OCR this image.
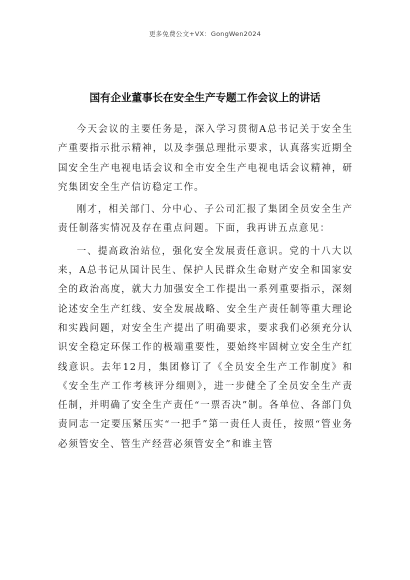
更多免费公文+VX：GongWen2024
国有企业董事长在安全生产专题工作会议上的讲话

今天会议的主要任务是，深入学习贯彻A总书记关于安全生产重要指示批示精神，以及李强总理批示要求，认真落实近期全国安全生产电视电话会议和全市安全生产电视电话会议精神，研究集团安全生产信访稳定工作。

刚才，相关部门、分中心、子公司汇报了集团全员安全生产责任制落实情况及存在重点问题。下面，我再讲五点意见：

一、提高政治站位，强化安全发展责任意识。党的十八大以来，A总书记从国计民生、保护人民群众生命财产安全和国家安全的政治高度，就大力加强安全工作提出一系列重要指示，深刻论述安全生产红线、安全发展战略、安全生产责任制等重大理论和实践问题，对安全生产提出了明确要求，要求我们必须充分认识安全稳定环保工作的极端重要性，要始终牢固树立安全生产红线意识。去年12月，集团修订了《全员安全生产工作制度》和《安全生产工作考核评分细则》，进一步健全了全员安全生产责任制，并明确了安全生产责任“一票否决”制。各单位、各部门负责同志一定要压紧压实“一把手”第一责任人责任，按照“管业务必须管安全、管生产经营必须管安全”和谁主管
